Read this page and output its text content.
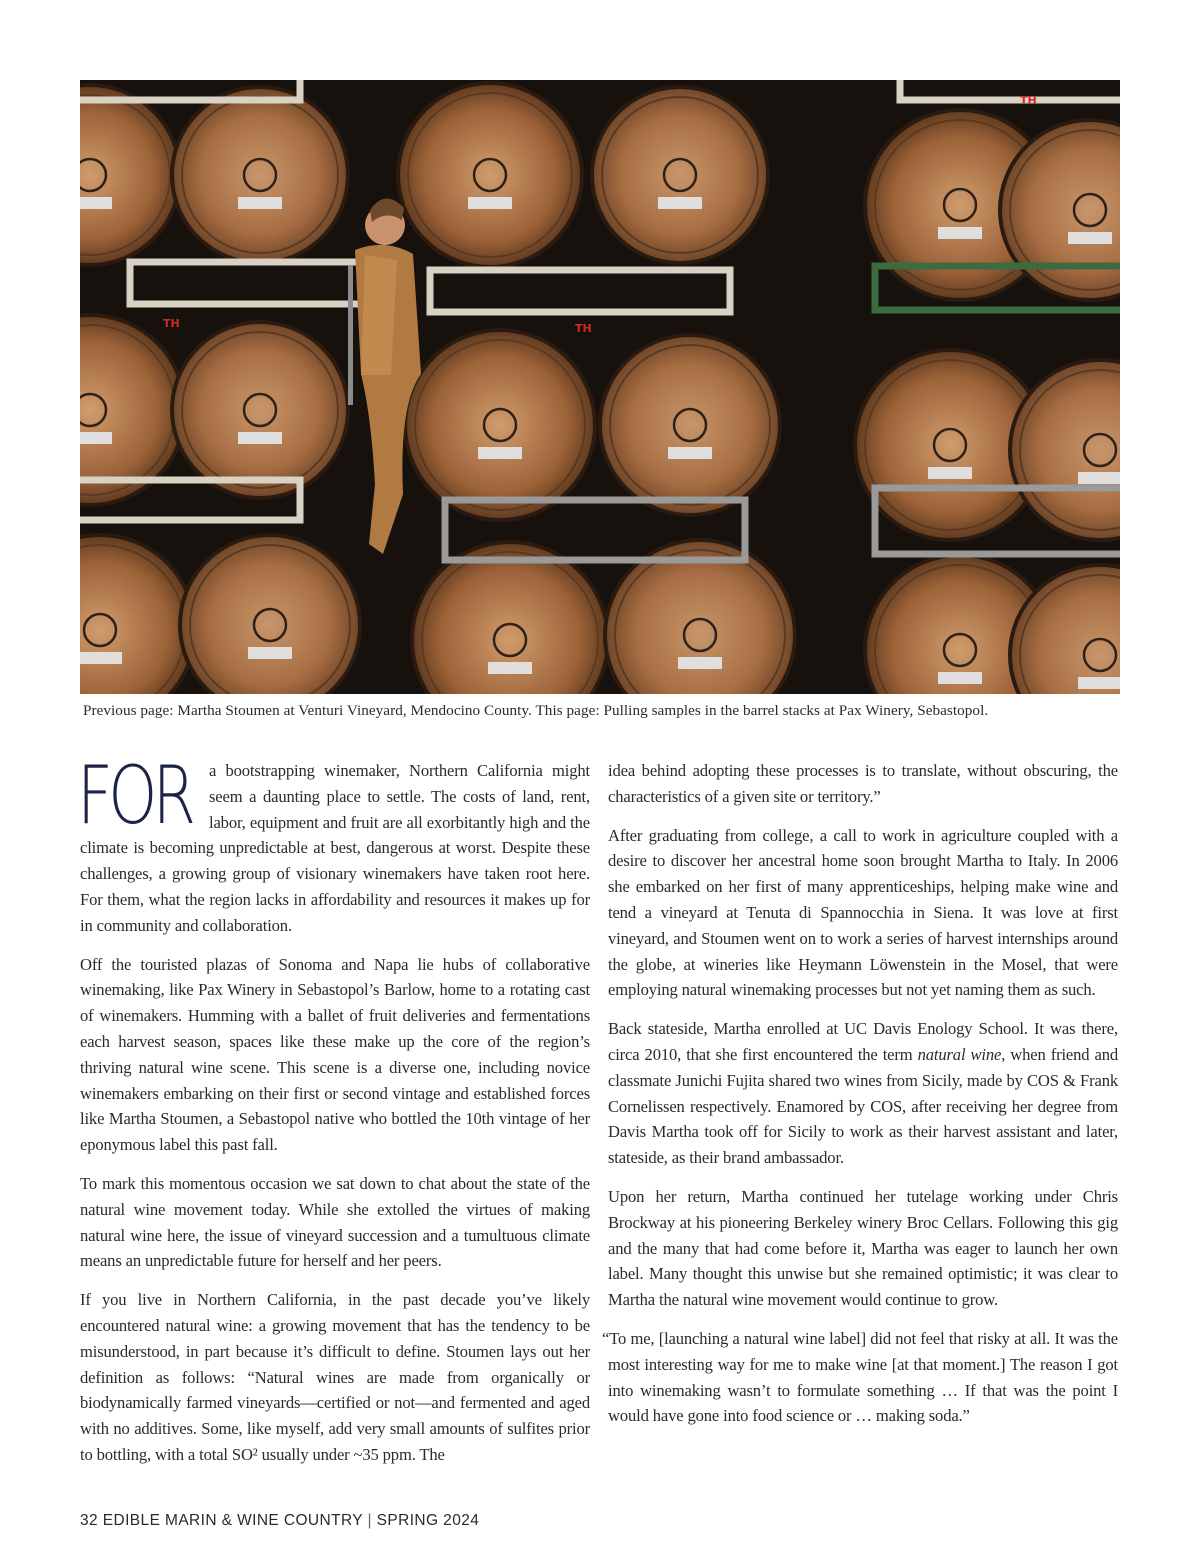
TH	TH
TH
Previous page: Martha Stoumen at Venturi Vineyard, Mendocino County. This page: Pulling samples in the barrel stacks at Pax Winery, Sebastopol.

FOR a bootstrapping winemaker, Northern California might seem a daunting place to settle. The costs of land, rent, labor, equipment and fruit are all exorbitantly high and the climate is becoming unpredictable at best, dangerous at worst. Despite these challenges, a growing group of visionary winemakers have taken root here. For them, what the region lacks in affordability and resources it makes up for in community and collaboration.

Off the touristed plazas of Sonoma and Napa lie hubs of collaborative winemaking, like Pax Winery in Sebastopol’s Barlow, home to a rotating cast of winemakers. Humming with a ballet of fruit deliveries and fermentations each harvest season, spaces like these make up the core of the region’s thriving natural wine scene. This scene is a diverse one, including novice winemakers embarking on their first or second vintage and established forces like Martha Stoumen, a Sebastopol native who bottled the 10th vintage of her eponymous label this past fall.

To mark this momentous occasion we sat down to chat about the state of the natural wine movement today. While she extolled the virtues of making natural wine here, the issue of vineyard succession and a tumultuous climate means an unpredictable future for herself and her peers.

If you live in Northern California, in the past decade you’ve likely encountered natural wine: a growing movement that has the tendency to be misunderstood, in part because it’s difficult to define. Stoumen lays out her definition as follows: “Natural wines are made from organically or biodynamically farmed vineyards—certified or not—and fermented and aged with no additives. Some, like myself, add very small amounts of sulfites prior to bottling, with a total SO² usually under ~35 ppm. The

idea behind adopting these processes is to translate, without obscuring, the characteristics of a given site or territory.”

After graduating from college, a call to work in agriculture coupled with a desire to discover her ancestral home soon brought Martha to Italy. In 2006 she embarked on her first of many apprenticeships, helping make wine and tend a vineyard at Tenuta di Spannocchia in Siena. It was love at first vineyard, and Stoumen went on to work a series of harvest internships around the globe, at wineries like Heymann Löwenstein in the Mosel, that were employing natural winemaking processes but not yet naming them as such.

Back stateside, Martha enrolled at UC Davis Enology School. It was there, circa 2010, that she first encountered the term natural wine, when friend and classmate Junichi Fujita shared two wines from Sicily, made by COS & Frank Cornelissen respectively. Enamored by COS, after receiving her degree from Davis Martha took off for Sicily to work as their harvest assistant and later, stateside, as their brand ambassador.

Upon her return, Martha continued her tutelage working under Chris Brockway at his pioneering Berkeley winery Broc Cellars. Following this gig and the many that had come before it, Martha was eager to launch her own label. Many thought this unwise but she remained optimistic; it was clear to Martha the natural wine movement would continue to grow.

“To me, [launching a natural wine label] did not feel that risky at all. It was the most interesting way for me to make wine [at that moment.] The reason I got into winemaking wasn’t to formulate something … If that was the point I would have gone into food science or … making soda.”

32 EDIBLE MARIN & WINE COUNTRY | SPRING 2024
